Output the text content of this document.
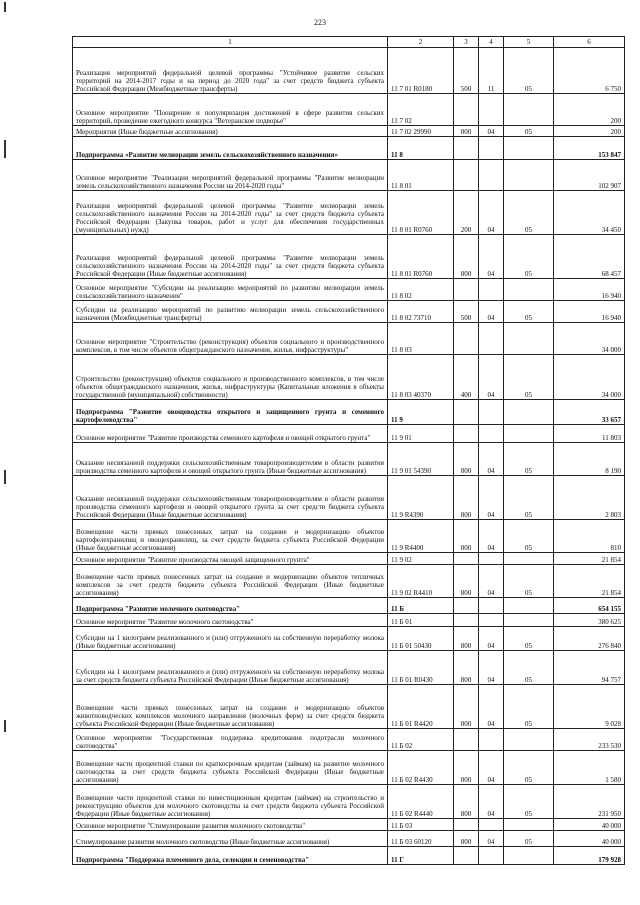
223
1	2	3	4	5	6
Реализация мероприятий федеральной целевой программы "Устойчивое развитие сельских территорий на 2014-2017 годы и на период до 2020 года" за счет средств бюджета субъекта Российской Федерации (Межбюджетные трансферты)	11 7 01 R0180	500	11	05	6 750
Основное мероприятие "Поощрение и популяризация достижений в сфере развития сельских территорий, проведение ежегодного конкурса "Ветеранское подворье"	11 7 02				200
Мероприятия (Иные бюджетные ассигнования)	11 7 02 29990	800	04	05	200
Подпрограмма «Развитие мелиорации земель сельскохозяйственного назначения»	11 8				153 847
Основное мероприятие "Реализация мероприятий федеральной программы "Развитие мелиорации земель сельскохозяйственного назначения России на 2014-2020 годы"	11 8 01				102 907
Реализация мероприятий федеральной целевой программы "Развитие мелиорации земель сельскохозяйственного назначения России на 2014-2020 годы" за счет средств бюджета субъекта Российской Федерации (Закупка товаров, работ и услуг для обеспечения государственных (муниципальных) нужд)	11 8 01 R0760	200	04	05	34 450
Реализация мероприятий федеральной целевой программы "Развитие мелиорации земель сельскохозяйственного назначения России на 2014-2020 годы" за счет средств бюджета субъекта Российской Федерации (Иные бюджетные ассигнования)	11 8 01 R0760	800	04	05	68 457
Основное мероприятие "Субсидии на реализацию мероприятий по развитию мелиорации земель сельскохозяйственного назначения"	11 8 02				16 940
Субсидии на реализацию мероприятий по развитию мелиорации земель сельскохозяйственного назначения (Межбюджетные трансферты)	11 8 02 73710	500	04	05	16 940
Основное мероприятие "Строительство (реконструкция) объектов социального и производственного комплексов, в том числе объектов общегражданского назначения, жилья, инфраструктуры"	11 8 03				34 000
Строительство (реконструкция) объектов социального и производственного комплексов, в том числе объектов общегражданского назначения, жилья, инфраструктуры (Капитальные вложения в объекты государственной (муниципальной) собственности)	11 8 03 40370	400	04	05	34 000
Подпрограмма "Развитие овощеводства открытого и защищенного грунта и семенного картофелеводства"	11 9				33 657
Основное мероприятие "Развитие производства семенного картофеля и овощей открытого грунта"	11 9 01				11 803
Оказание несвязанной поддержки сельскохозяйственным товаропроизводителям в области развития производства семенного картофеля и овощей открытого грунта (Иные бюджетные ассигнования)	11 9 01 54390	800	04	05	8 190
Оказание несвязанной поддержки сельскохозяйственным товаропроизводителям в области развития производства семенного картофеля и овощей открытого грунта за счет средств бюджета субъекта Российской Федерации (Иные бюджетные ассигнования)	11 9 R4390	800	04	05	2 803
Возмещение части прямых понесенных затрат на создание и модернизацию объектов картофелехранилищ и овощехранилищ, за счет средств бюджета субъекта Российской Федерации (Иные бюджетные ассигнования)	11 9 R4400	800	04	05	810
Основное мероприятие "Развитие производства овощей защищенного грунта"	11 9 02				21 854
Возмещение части прямых понесенных затрат на создание и модернизацию объектов тепличных комплексов за счет средств бюджета субъекта Российской Федерации (Иные бюджетные ассигнования)	11 9 02 R4410	800	04	05	21 854
Подпрограмма "Развитие молочного скотоводства"	11 Б				654 155
Основное мероприятие "Развитие молочного скотоводства"	11 Б 01				380 625
Субсидии на 1 килограмм реализованного и (или) отгруженного на собственную переработку молока (Иные бюджетные ассигнования)	11 Б 01 50430	800	04	05	276 840
Субсидии на 1 килограмм реализованного и (или) отгруженного на собственную переработку молока за счет средств бюджета субъекта Российской Федерации (Иные бюджетные ассигнования)	11 Б 01 R0430	800	04	05	94 757
Возмещение части прямых понесенных затрат на создание и модернизацию объектов животноводческих комплексов молочного направления (молочных ферм) за счет средств бюджета субъекта Российской Федерации (Иные бюджетные ассигнования)	11 Б 01 R4420	800	04	05	9 028
Основное мероприятие "Государственная поддержка кредитования подотрасли молочного скотоводства"	11 Б 02				233 530
Возмещение части процентной ставки по краткосрочным кредитам (займам) на развитие молочного скотоводства за счет средств бюджета субъекта Российской Федерации (Иные бюджетные ассигнования)	11 Б 02 R4430	800	04	05	1 580
Возмещение части процентной ставки по инвестиционным кредитам (займам) на строительство и реконструкцию объектов для молочного скотоводства за счет средств бюджета субъекта Российской Федерации (Иные бюджетные ассигнования)	11 Б 02 R4440	800	04	05	231 950
Основное мероприятие "Стимулирование развития молочного скотоводства"	11 Б 03				40 000
Стимулирование развития молочного скотоводства (Иные бюджетные ассигнования)	11 Б 03 60120	800	04	05	40 000
Подпрограмма "Поддержка племенного дела, селекции и семеноводства"	11 Г				179 928
